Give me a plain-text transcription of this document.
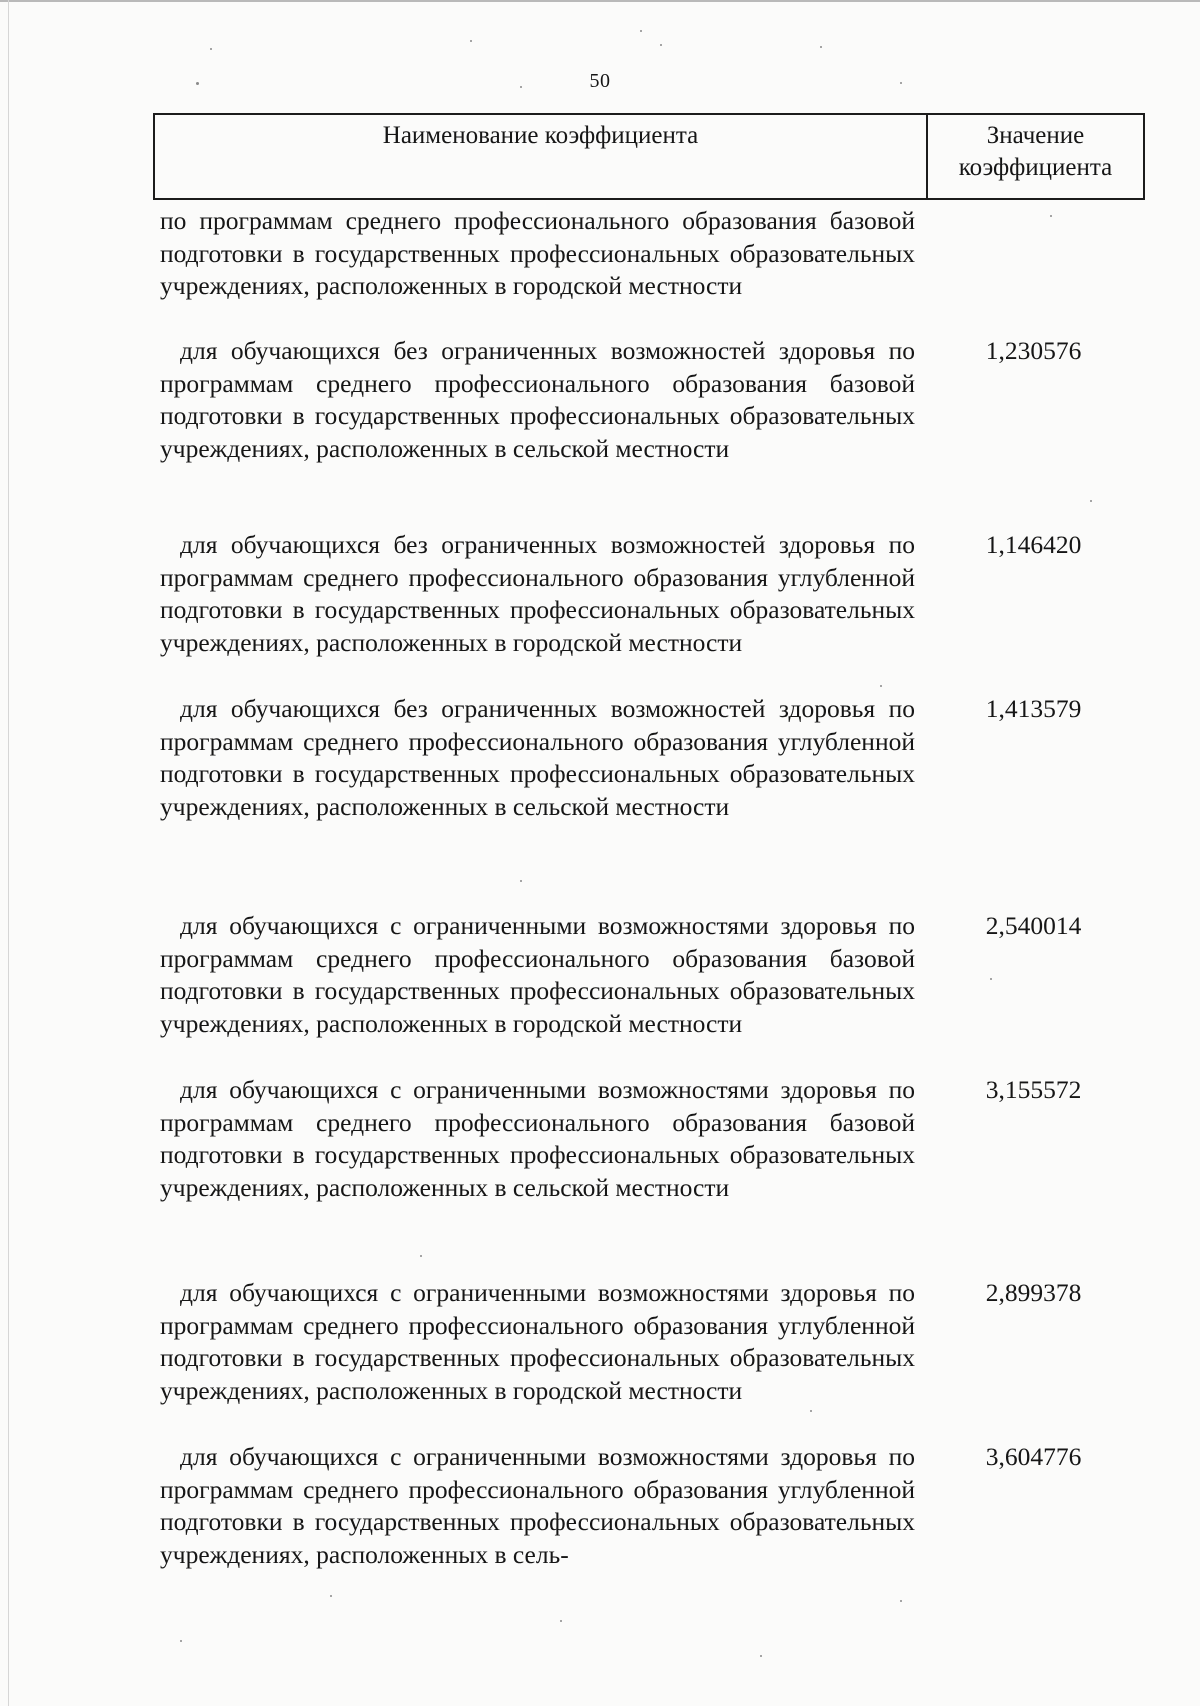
50
Наименование коэффициента	Значение коэффициента
по программам среднего профессионального образования базовой подготовки в государственных профессиональных образовательных учреждениях, расположенных в городской местности
для обучающихся без ограниченных возможностей здоровья по программам среднего профессионального образования базовой подготовки в государственных профессиональных образовательных учреждениях, расположенных в сельской местности
1,230576
для обучающихся без ограниченных возможностей здоровья по программам среднего профессионального образования углубленной подготовки в государственных профессиональных образовательных учреждениях, расположенных в городской местности
1,146420
для обучающихся без ограниченных возможностей здоровья по программам среднего профессионального образования углубленной подготовки в государственных профессиональных образовательных учреждениях, расположенных в сельской местности
1,413579
для обучающихся с ограниченными возможностями здоровья по программам среднего профессионального образования базовой подготовки в государственных профессиональных образовательных учреждениях, расположенных в городской местности
2,540014
для обучающихся с ограниченными возможностями здоровья по программам среднего профессионального образования базовой подготовки в государственных профессиональных образовательных учреждениях, расположенных в сельской местности
3,155572
для обучающихся с ограниченными возможностями здоровья по программам среднего профессионального образования углубленной подготовки в государственных профессиональных образовательных учреждениях, расположенных в городской местности
2,899378
для обучающихся с ограниченными возможностями здоровья по программам среднего профессионального образования углубленной подготовки в государственных профессиональных образовательных учреждениях, расположенных в сель-
3,604776
